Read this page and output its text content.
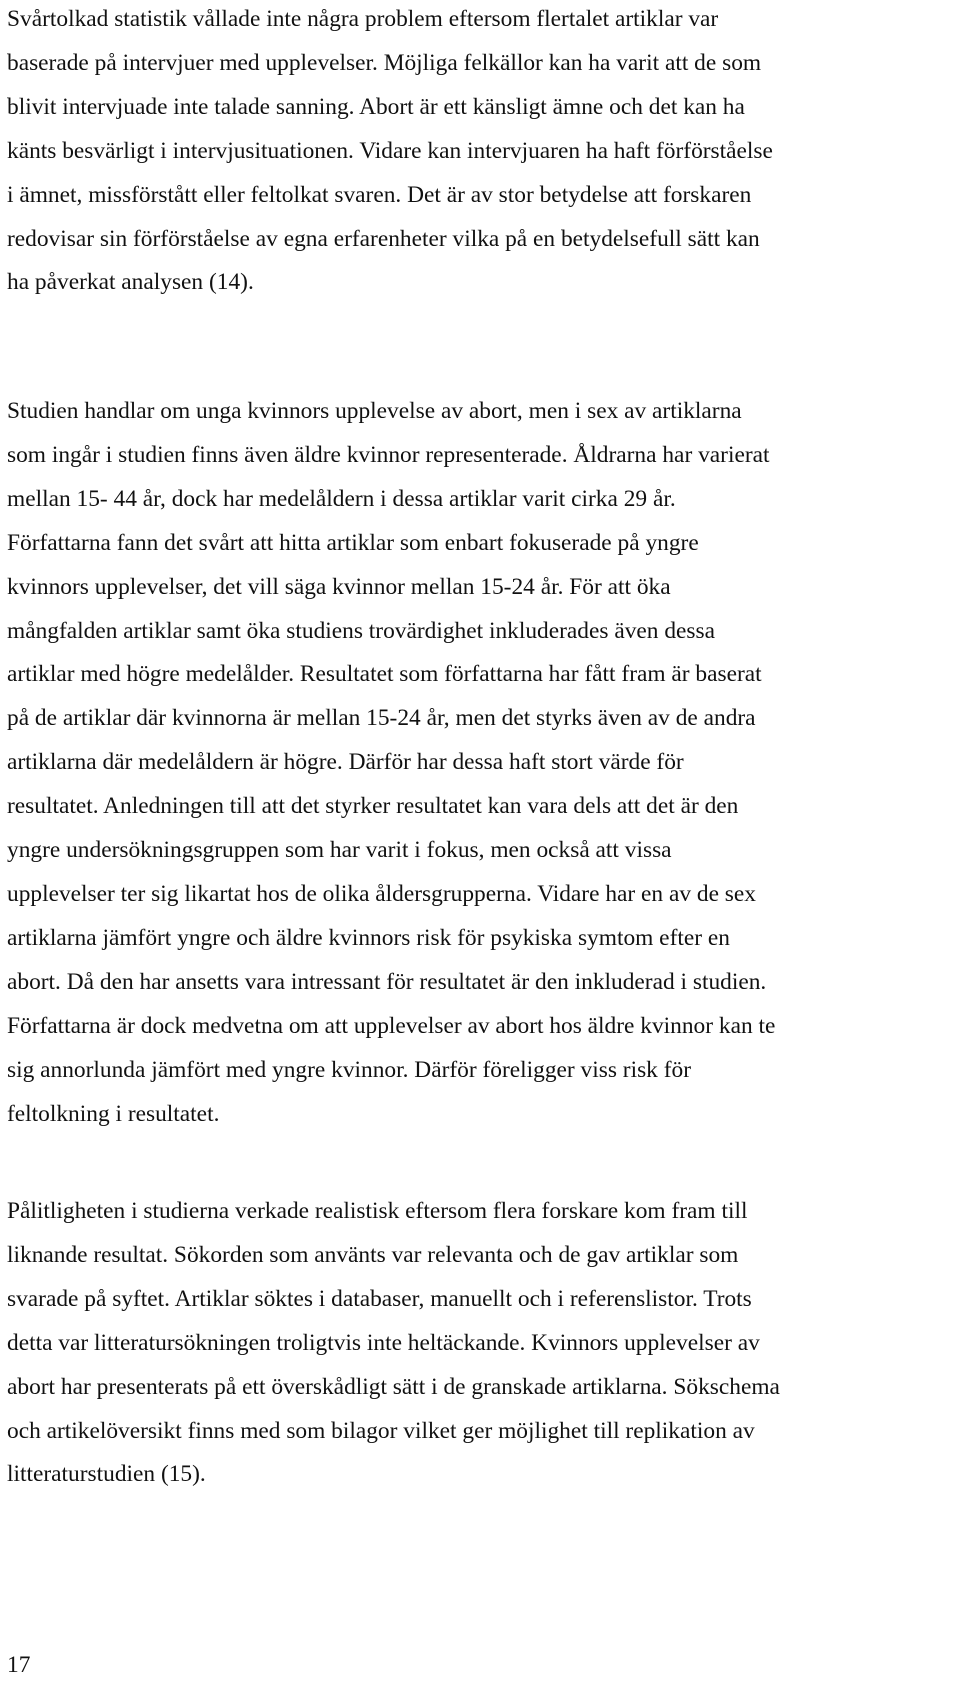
Svårtolkad statistik vållade inte några problem eftersom flertalet artiklar var
baserade på intervjuer med upplevelser. Möjliga felkällor kan ha varit att de som
blivit intervjuade inte talade sanning. Abort är ett känsligt ämne och det kan ha
känts besvärligt i intervjusituationen. Vidare kan intervjuaren ha haft förförståelse
i ämnet, missförstått eller feltolkat svaren. Det är av stor betydelse att forskaren
redovisar sin förförståelse av egna erfarenheter vilka på en betydelsefull sätt kan
ha påverkat analysen (14).

Studien handlar om unga kvinnors upplevelse av abort, men i sex av artiklarna
som ingår i studien finns även äldre kvinnor representerade. Åldrarna har varierat
mellan 15- 44 år, dock har medelåldern i dessa artiklar varit cirka 29 år.
Författarna fann det svårt att hitta artiklar som enbart fokuserade på yngre
kvinnors upplevelser, det vill säga kvinnor mellan 15-24 år. För att öka
mångfalden artiklar samt öka studiens trovärdighet inkluderades även dessa
artiklar med högre medelålder. Resultatet som författarna har fått fram är baserat
på de artiklar där kvinnorna är mellan 15-24 år, men det styrks även av de andra
artiklarna där medelåldern är högre. Därför har dessa haft stort värde för
resultatet. Anledningen till att det styrker resultatet kan vara dels att det är den
yngre undersökningsgruppen som har varit i fokus, men också att vissa
upplevelser ter sig likartat hos de olika åldersgrupperna. Vidare har en av de sex
artiklarna jämfört yngre och äldre kvinnors risk för psykiska symtom efter en
abort. Då den har ansetts vara intressant för resultatet är den inkluderad i studien.
Författarna är dock medvetna om att upplevelser av abort hos äldre kvinnor kan te
sig annorlunda jämfört med yngre kvinnor. Därför föreligger viss risk för
feltolkning i resultatet.

Pålitligheten i studierna verkade realistisk eftersom flera forskare kom fram till
liknande resultat. Sökorden som använts var relevanta och de gav artiklar som
svarade på syftet. Artiklar söktes i databaser, manuellt och i referenslistor. Trots
detta var litteratursökningen troligtvis inte heltäckande. Kvinnors upplevelser av
abort har presenterats på ett överskådligt sätt i de granskade artiklarna. Sökschema
och artikelöversikt finns med som bilagor vilket ger möjlighet till replikation av
litteraturstudien (15).

17
